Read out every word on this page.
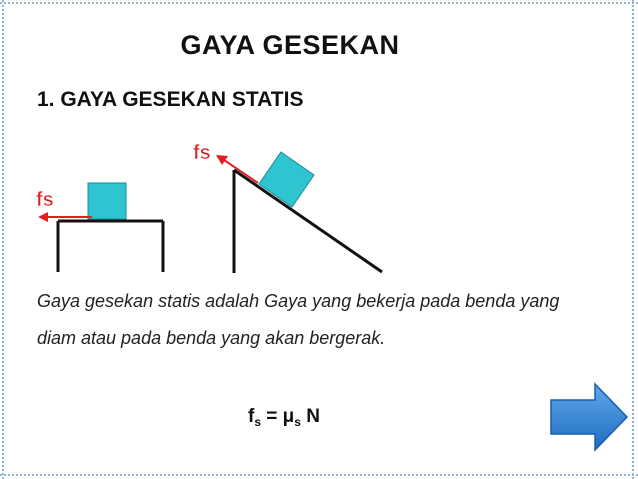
GAYA GESEKAN
1. GAYA GESEKAN STATIS
fs
fs
Gaya gesekan statis adalah Gaya yang bekerja pada benda yang diam atau pada benda yang akan bergerak.
$f_s = \mu_s$ N
